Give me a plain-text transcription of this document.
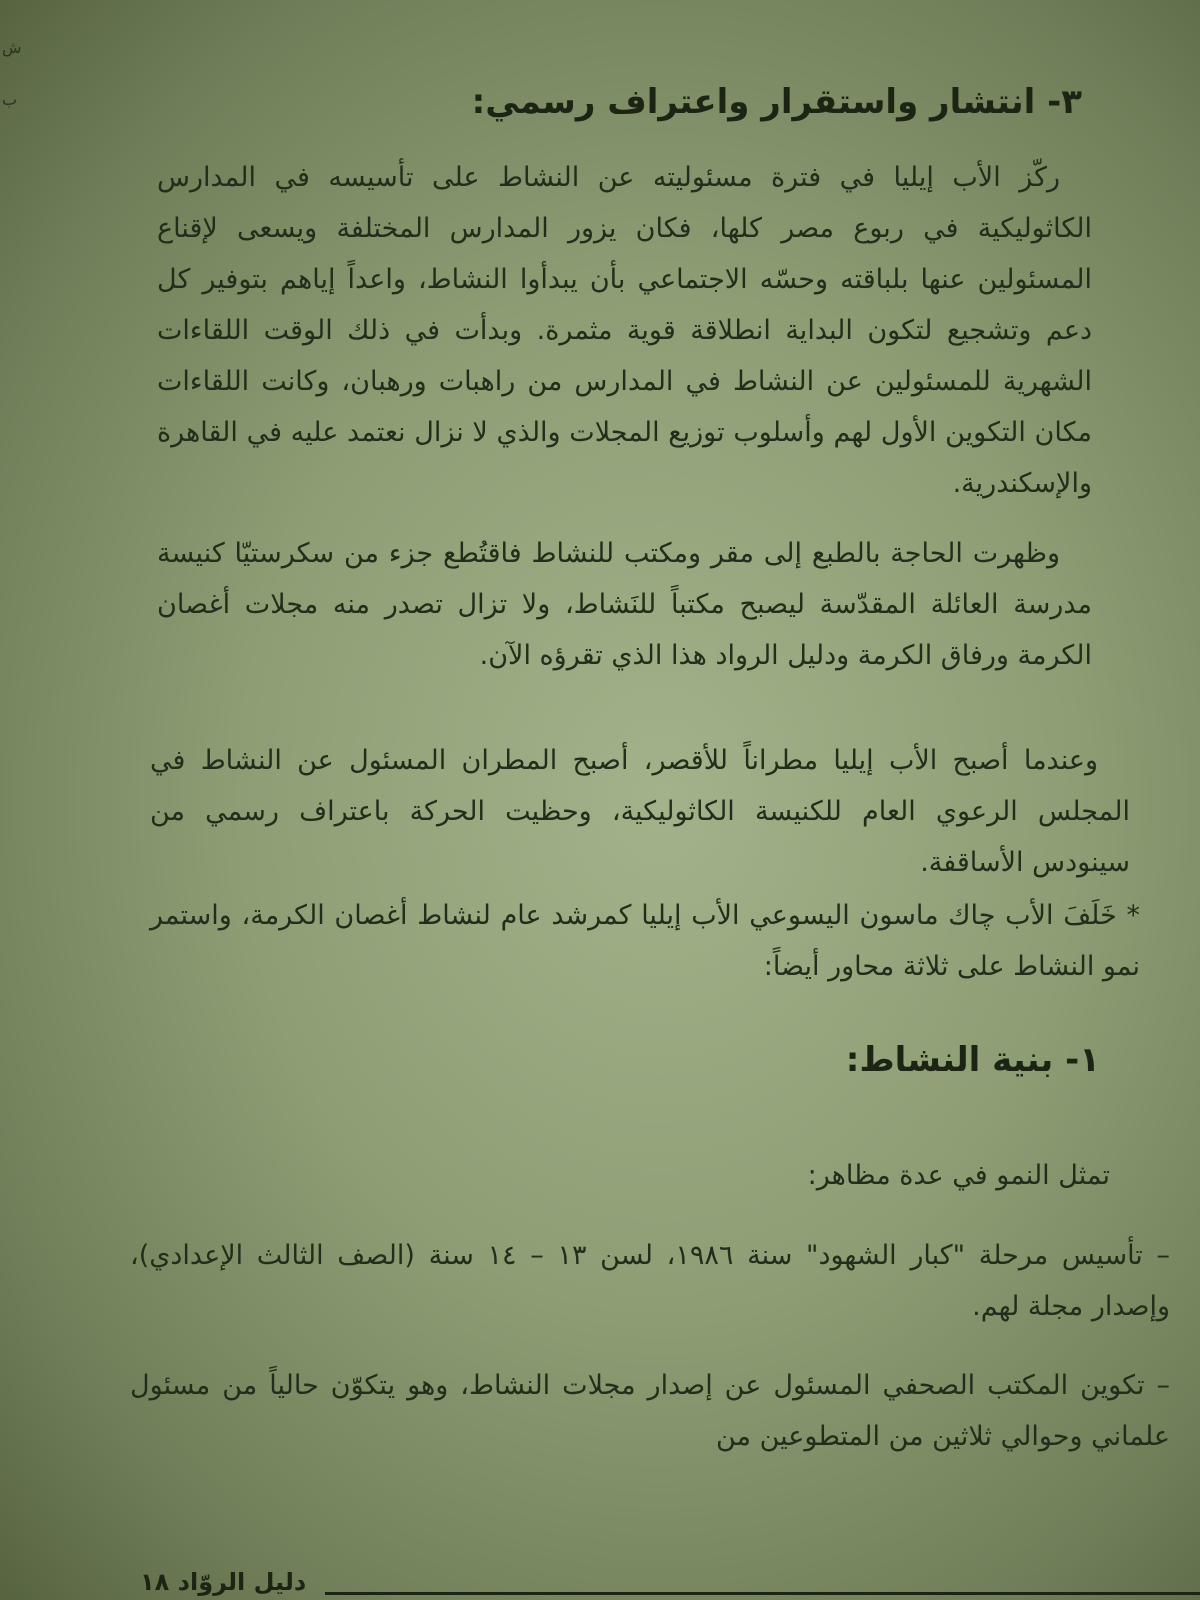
ش
ب	٣- انتشار واستقرار واعتراف رسمي:

ركّز الأب إيليا في فترة مسئوليته عن النشاط على تأسيسه في المدارس الكاثوليكية في ربوع مصر كلها، فكان يزور المدارس المختلفة ويسعى لإقناع المسئولين عنها بلباقته وحسّه الاجتماعي بأن يبدأوا النشاط، واعداً إياهم بتوفير كل دعم وتشجيع لتكون البداية انطلاقة قوية مثمرة. وبدأت في ذلك الوقت اللقاءات الشهرية للمسئولين عن النشاط في المدارس من راهبات ورهبان، وكانت اللقاءات مكان التكوين الأول لهم وأسلوب توزيع المجلات والذي لا نزال نعتمد عليه في القاهرة والإسكندرية.

وظهرت الحاجة بالطبع إلى مقر ومكتب للنشاط فاقتُطع جزء من سكرستيّا كنيسة مدرسة العائلة المقدّسة ليصبح مكتباً للنَشاط، ولا تزال تصدر منه مجلات أغصان الكرمة ورفاق الكرمة ودليل الرواد هذا الذي تقرؤه الآن.

وعندما أصبح الأب إيليا مطراناً للأقصر، أصبح المطران المسئول عن النشاط في المجلس الرعوي العام للكنيسة الكاثوليكية، وحظيت الحركة باعتراف رسمي من سينودس الأساقفة.

* خَلَفَ الأب چاك ماسون اليسوعي الأب إيليا كمرشد عام لنشاط أغصان الكرمة، واستمر نمو النشاط على ثلاثة محاور أيضاً:

١- بنية النشاط:

تمثل النمو في عدة مظاهر:

– تأسيس مرحلة "كبار الشهود" سنة ١٩٨٦، لسن ١٣ – ١٤ سنة (الصف الثالث الإعدادي)، وإصدار مجلة لهم.

– تكوين المكتب الصحفي المسئول عن إصدار مجلات النشاط، وهو يتكوّن حالياً من مسئول علماني وحوالي ثلاثين من المتطوعين من

دليل الروّاد ١٨
